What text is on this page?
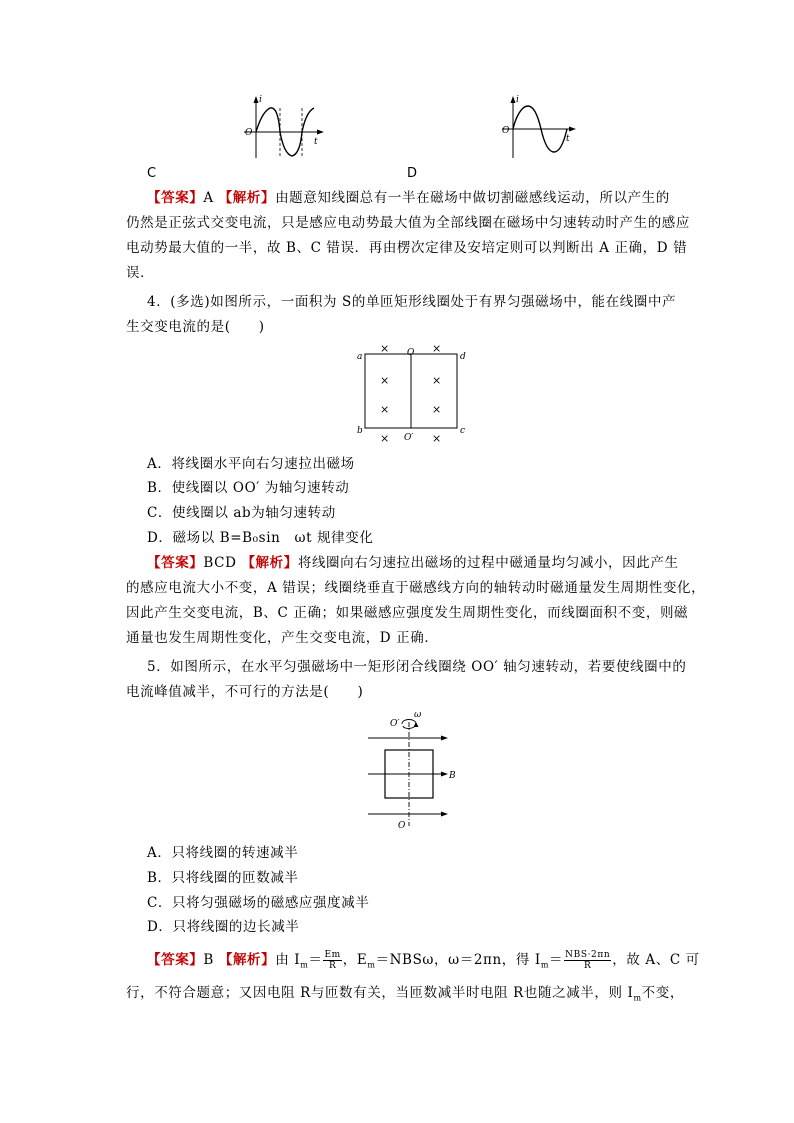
i
O
t
C
i
O
t
D
【答案】A 【解析】由题意知线圈总有一半在磁场中做切割磁感线运动，所以产生的
仍然是正弦式交变电流，只是感应电动势最大值为全部线圈在磁场中匀速转动时产生的感应
电动势最大值的一半，故 B、C 错误．再由楞次定律及安培定则可以判断出 A 正确，D 错
误．
4．(多选)如图所示，一面积为 S的单匝矩形线圈处于有界匀强磁场中，能在线圈中产
生交变电流的是(　　)
a
b	c
d
O
O′
×	×
×	×
×	×
×	×
A．将线圈水平向右匀速拉出磁场
B．使线圈以 OO′ 为轴匀速转动
C．使线圈以 ab为轴匀速转动
D．磁场以 B=B₀sin　ωt 规律变化
【答案】BCD 【解析】将线圈向右匀速拉出磁场的过程中磁通量均匀减小，因此产生
的感应电流大小不变，A 错误；线圈绕垂直于磁感线方向的轴转动时磁通量发生周期性变化，
因此产生交变电流，B、C 正确；如果磁感应强度发生周期性变化，而线圈面积不变，则磁
通量也发生周期性变化，产生交变电流，D 正确．
5．如图所示，在水平匀强磁场中一矩形闭合线圈绕 OO′ 轴匀速转动，若要使线圈中的
电流峰值减半，不可行的方法是(　　)
O′
ω
B
O
A．只将线圈的转速减半
B．只将线圈的匝数减半
C．只将匀强磁场的磁感应强度减半
D．只将线圈的边长减半
【答案】B 【解析】由 $I_m= \frac{Em}{R}$ ，$E_m=NBS\omega$，ω＝2πn，得 $I_m= \frac{\text{NBS·2πn}}{R}$ ，故 A、C 可
行，不符合题意；又因电阻 R与匝数有关，当匝数减半时电阻 R也随之减半，则 $I_m$不变，
